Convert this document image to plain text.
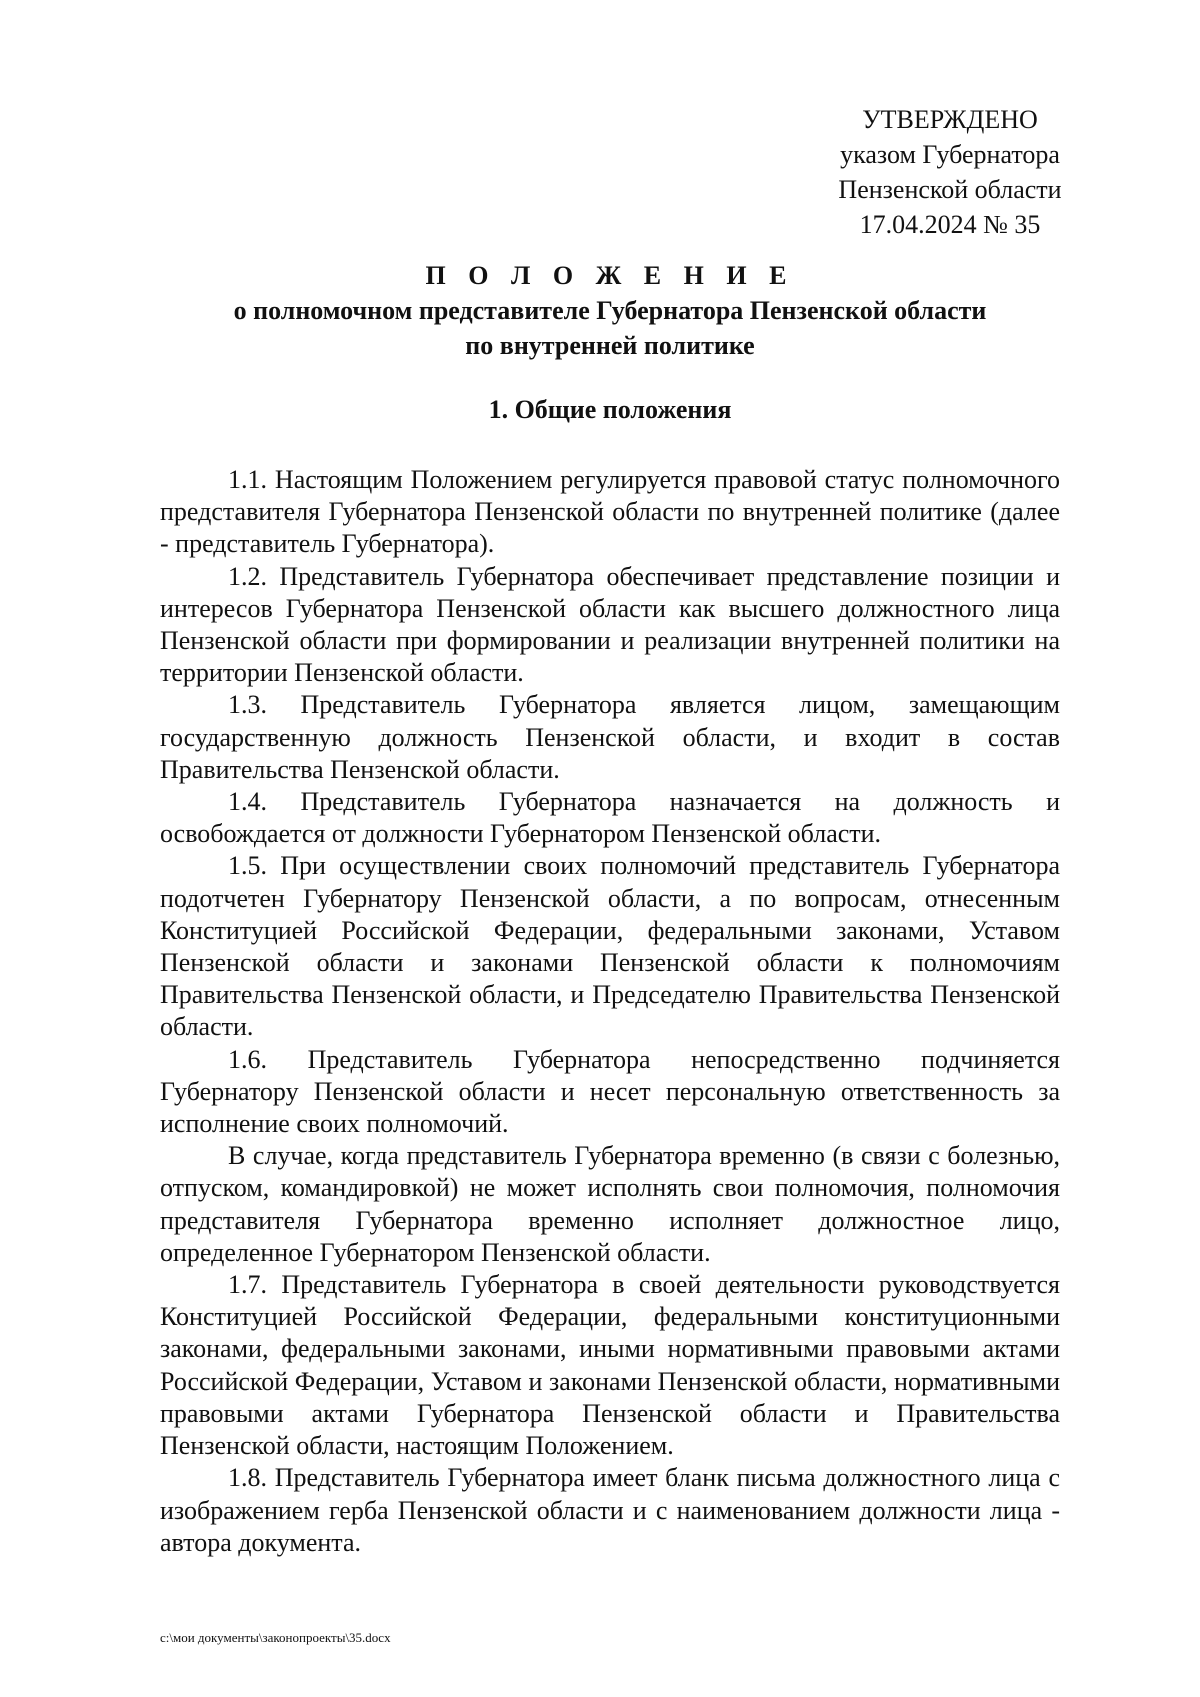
УТВЕРЖДЕНО
указом Губернатора
Пензенской области
17.04.2024 № 35
П О Л О Ж Е Н И Е
о полномочном представителе Губернатора Пензенской области
по внутренней политике
1. Общие положения

1.1. Настоящим Положением регулируется правовой статус полномочного представителя Губернатора Пензенской области по внутренней политике (далее - представитель Губернатора).

1.2. Представитель Губернатора обеспечивает представление позиции и интересов Губернатора Пензенской области как высшего должностного лица Пензенской области при формировании и реализации внутренней политики на территории Пензенской области.

1.3. Представитель Губернатора является лицом, замещающим государственную должность Пензенской области, и входит в состав Правительства Пензенской области.

1.4. Представитель Губернатора назначается на должность и освобождается от должности Губернатором Пензенской области.

1.5. При осуществлении своих полномочий представитель Губернатора подотчетен Губернатору Пензенской области, а по вопросам, отнесенным Конституцией Российской Федерации, федеральными законами, Уставом Пензенской области и законами Пензенской области к полномочиям Правительства Пензенской области, и Председателю Правительства Пензенской области.

1.6. Представитель Губернатора непосредственно подчиняется Губернатору Пензенской области и несет персональную ответственность за исполнение своих полномочий.

В случае, когда представитель Губернатора временно (в связи с болезнью, отпуском, командировкой) не может исполнять свои полномочия, полномочия представителя Губернатора временно исполняет должностное лицо, определенное Губернатором Пензенской области.

1.7. Представитель Губернатора в своей деятельности руководствуется Конституцией Российской Федерации, федеральными конституционными законами, федеральными законами, иными нормативными правовыми актами Российской Федерации, Уставом и законами Пензенской области, нормативными правовыми актами Губернатора Пензенской области и Правительства Пензенской области, настоящим Положением.

1.8. Представитель Губернатора имеет бланк письма должностного лица с изображением герба Пензенской области и с наименованием должности лица - автора документа.

c:\мои документы\законопроекты\35.docx
